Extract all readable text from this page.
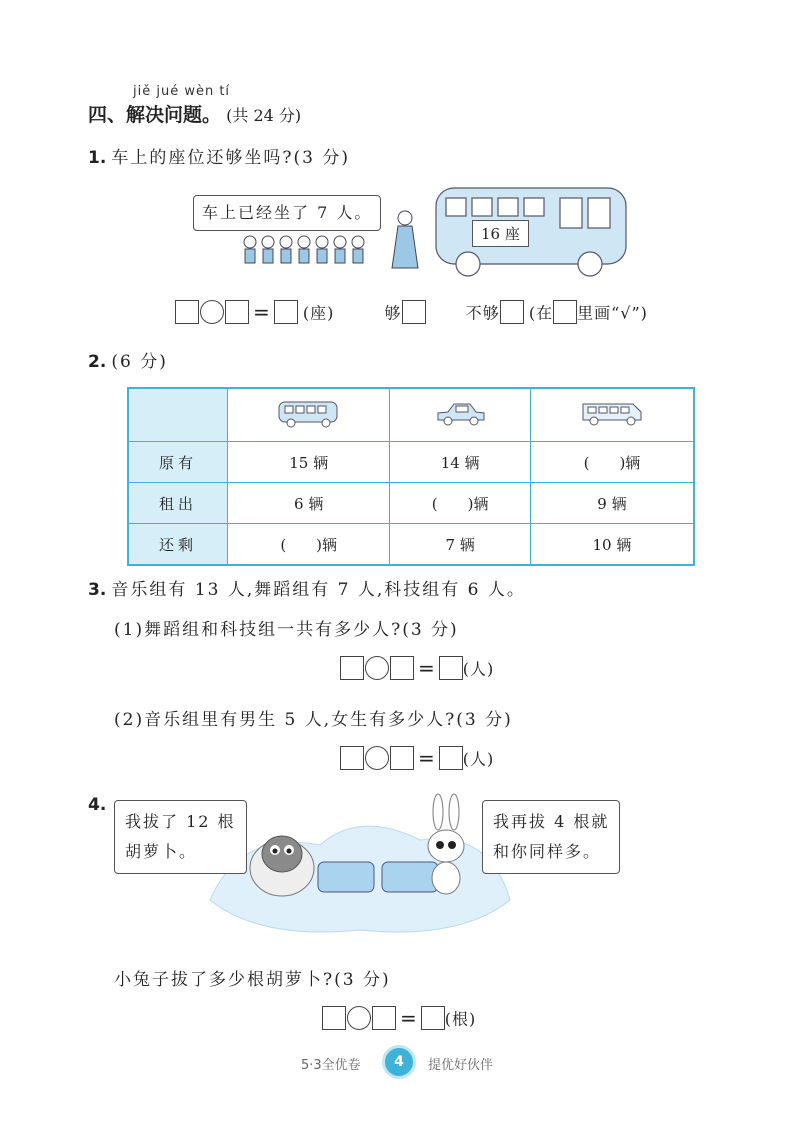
jiě jué wèn tí
四、解决问题。 (共 24 分)
1. 车上的座位还够坐吗?(3 分)
车上已经坐了 7 人。
16 座
= (座)	够	不够 (在 里画“√”)
2. (6 分)

原有	15 辆	14 辆	(　　)辆
租出	6 辆	(　　)辆	9 辆
还剩	(　　)辆	7 辆	10 辆
3. 音乐组有 13 人,舞蹈组有 7 人,科技组有 6 人。
(1)舞蹈组和科技组一共有多少人?(3 分)
= (人)
(2)音乐组里有男生 5 人,女生有多少人?(3 分)
= (人)
4.
我拔了 12 根
胡萝卜。
我再拔 4 根就
和你同样多。
小兔子拔了多少根胡萝卜?(3 分)
= (根)
5·3全优卷	4	提优好伙伴
